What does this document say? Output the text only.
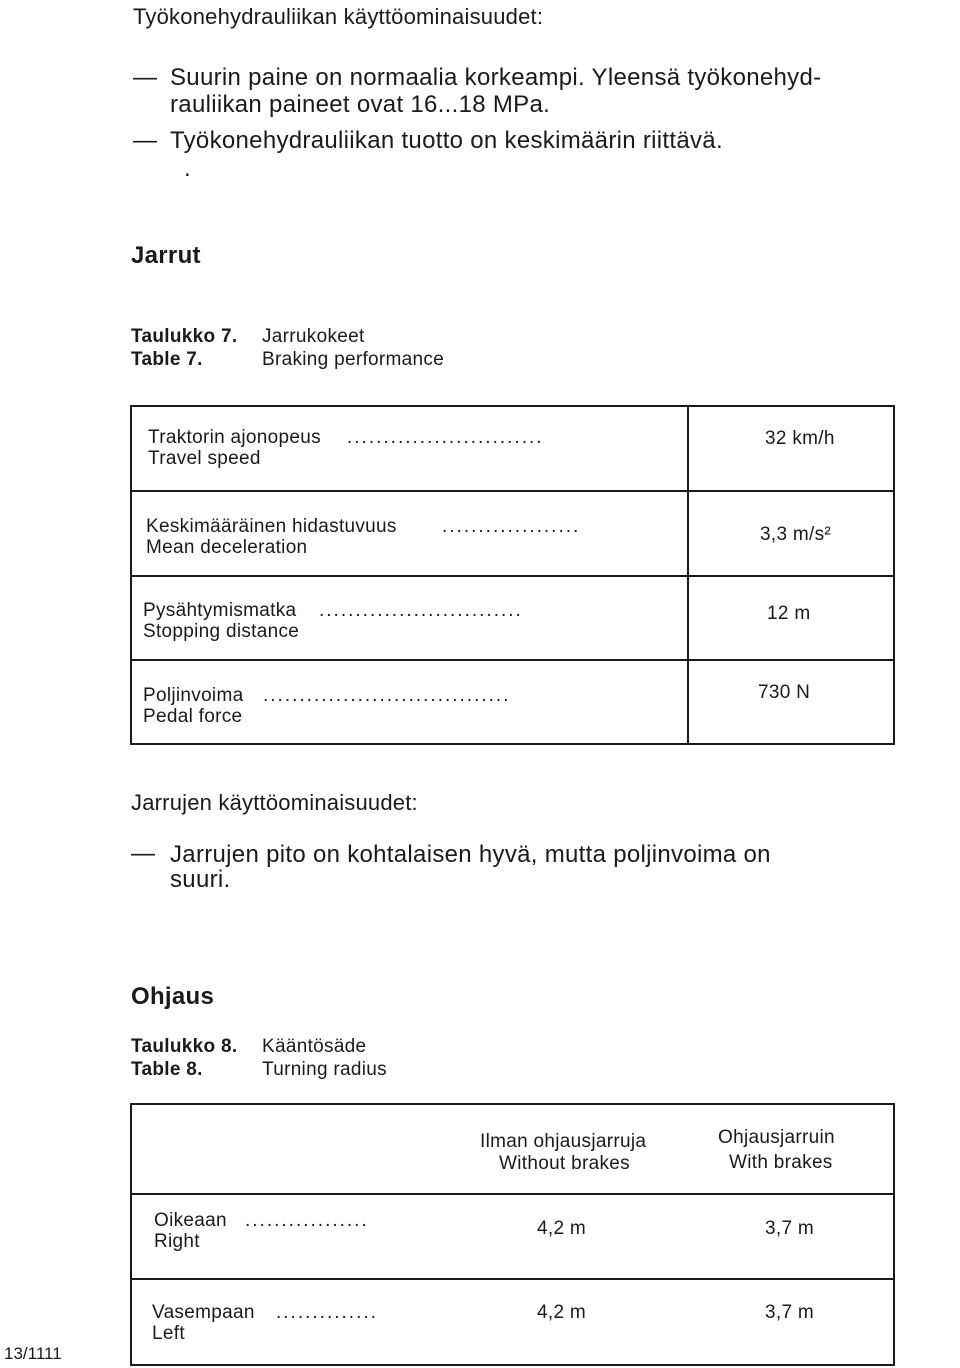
Työkonehydrauliikan käyttöominaisuudet:
— Suurin paine on normaalia korkeampi. Yleensä työkonehyd-
rauliikan paineet ovat 16...18 MPa.
— Työkonehydrauliikan tuotto on keskimäärin riittävä.
.
Jarrut
Taulukko 7. Jarrukokeet
Table 7.	Braking performance
Traktorin ajonopeus ...........................
Travel speed
32 km/h
Keskimääräinen hidastuvuus ...................
Mean deceleration
3,3 m/s²
Pysähtymismatka ............................
Stopping distance
12 m
Poljinvoima ..................................
Pedal force
730 N
Jarrujen käyttöominaisuudet:
— Jarrujen pito on kohtalaisen hyvä, mutta poljinvoima on
suuri.
Ohjaus
Taulukko 8. Kääntösäde
Table 8.	Turning radius
Ilman ohjausjarruja
Without brakes
Ohjausjarruin
With brakes
Oikeaan .................
Right
4,2 m	3,7 m
Vasempaan ..............
Left
4,2 m	3,7 m
13/1111
